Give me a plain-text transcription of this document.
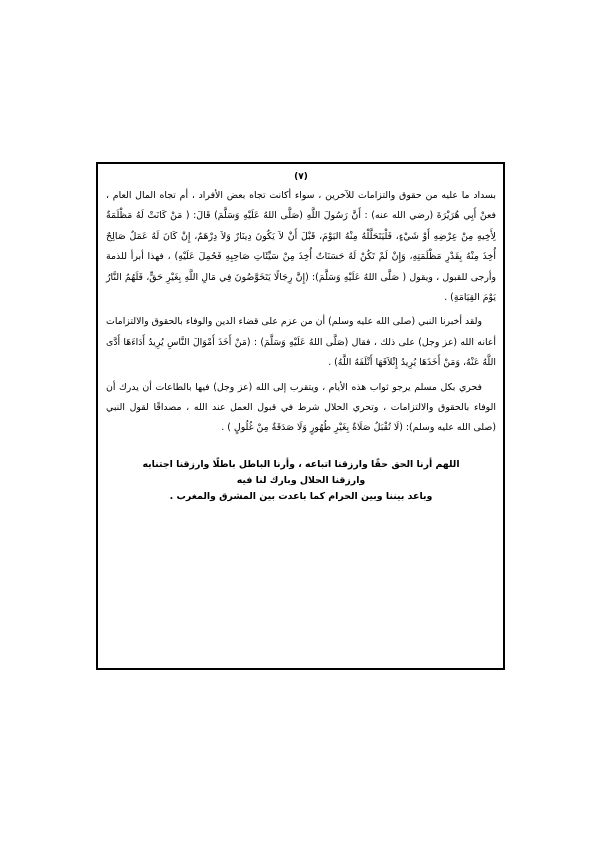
(٧)

بسداد ما عليه من حقوق والتزامات للآخرين ، سواء أكانت تجاه بعض الأفراد ، أم تجاه المال العام ، فعنْ أَبِي هُرَيْرَةَ (رضي الله عنه) : أَنَّ رَسُولَ اللَّهِ (صَلَّى اللهُ عَلَيْهِ وَسَلَّمَ) قَالَ: ( مَنْ كَانَتْ لَهُ مَظْلَمَةٌ لِأَخِيهِ مِنْ عِرْضِهِ أَوْ شَيْءٍ، فَلْيَتَحَلَّلْهُ مِنْهُ اليَوْمَ، قَبْلَ أَنْ لاَ يَكُونَ دِينَارٌ وَلاَ دِرْهَمٌ، إِنْ كَانَ لَهُ عَمَلٌ صَالِحٌ أُخِذَ مِنْهُ بِقَدْرِ مَظْلَمَتِهِ، وَإِنْ لَمْ تَكُنْ لَهُ حَسَنَاتٌ أُخِذَ مِنْ سَيِّئَاتِ صَاحِبِهِ فَحُمِلَ عَلَيْهِ) ، فهذا أبرأ للذمة وأرجى للقبول ، ويقول ( صَلَّى اللهُ عَلَيْهِ وَسَلَّمَ): (إِنَّ رِجَالًا يَتَخَوَّضُونَ فِي مَالِ اللَّهِ بِغَيْرِ حَقٍّ، فَلَهُمُ النَّارُ يَوْمَ القِيَامَةِ) .

ولقد أخبرنا النبي (صلى الله عليه وسلم) أن من عزم على قضاء الدين والوفاء بالحقوق والالتزامات أعانه الله (عز وجل) على ذلك ، فقال (صَلَّى اللهُ عَلَيْهِ وَسَلَّمَ) : (مَنْ أَخَذَ أَمْوَالَ النَّاسِ يُرِيدُ أَدَاءَهَا أَدَّى اللَّهُ عَنْهُ، وَمَنْ أَخَذَهَا يُرِيدُ إِتْلاَفَهَا أَتْلَفَهُ اللَّهُ) .

فحري بكل مسلم يرجو ثواب هذه الأيام ، ويتقرب إلى الله (عز وجل) فيها بالطاعات أن يدرك أن الوفاء بالحقوق والالتزامات ، وتحري الحلال شرط في قبول العمل عند الله ، مصداقًا لقول النبي (صلى الله عليه وسلم): (لَا تُقْبَلُ صَلَاةٌ بِغَيْرِ طُهُورٍ وَلَا صَدَقَةٌ مِنْ غُلُولٍ ) .

اللهم أرنا الحق حقًا وارزقنا اتباعه ، وأرنا الباطل باطلًا وارزقنا اجتنابه
وارزقنا الحلال وبارك لنا فيه
وباعد بيننا وبين الحرام كما باعدت بين المشرق والمغرب .
